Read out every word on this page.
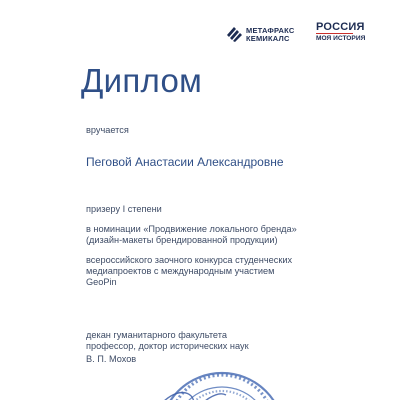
МЕТАФРАКС
КЕМИКАЛС
РОССИЯ
МОЯ ИСТОРИЯ
Диплом
вручается
Пеговой Анастасии Александровне
призеру I степени
в номинации «Продвижение локального бренда»
(дизайн-макеты брендированной продукции)
всероссийского заочного конкурса студенческих
медиапроектов с международным участием
GeoPin
декан гуманитарного факультета
профессор, доктор исторических наук
В. П. Мохов
